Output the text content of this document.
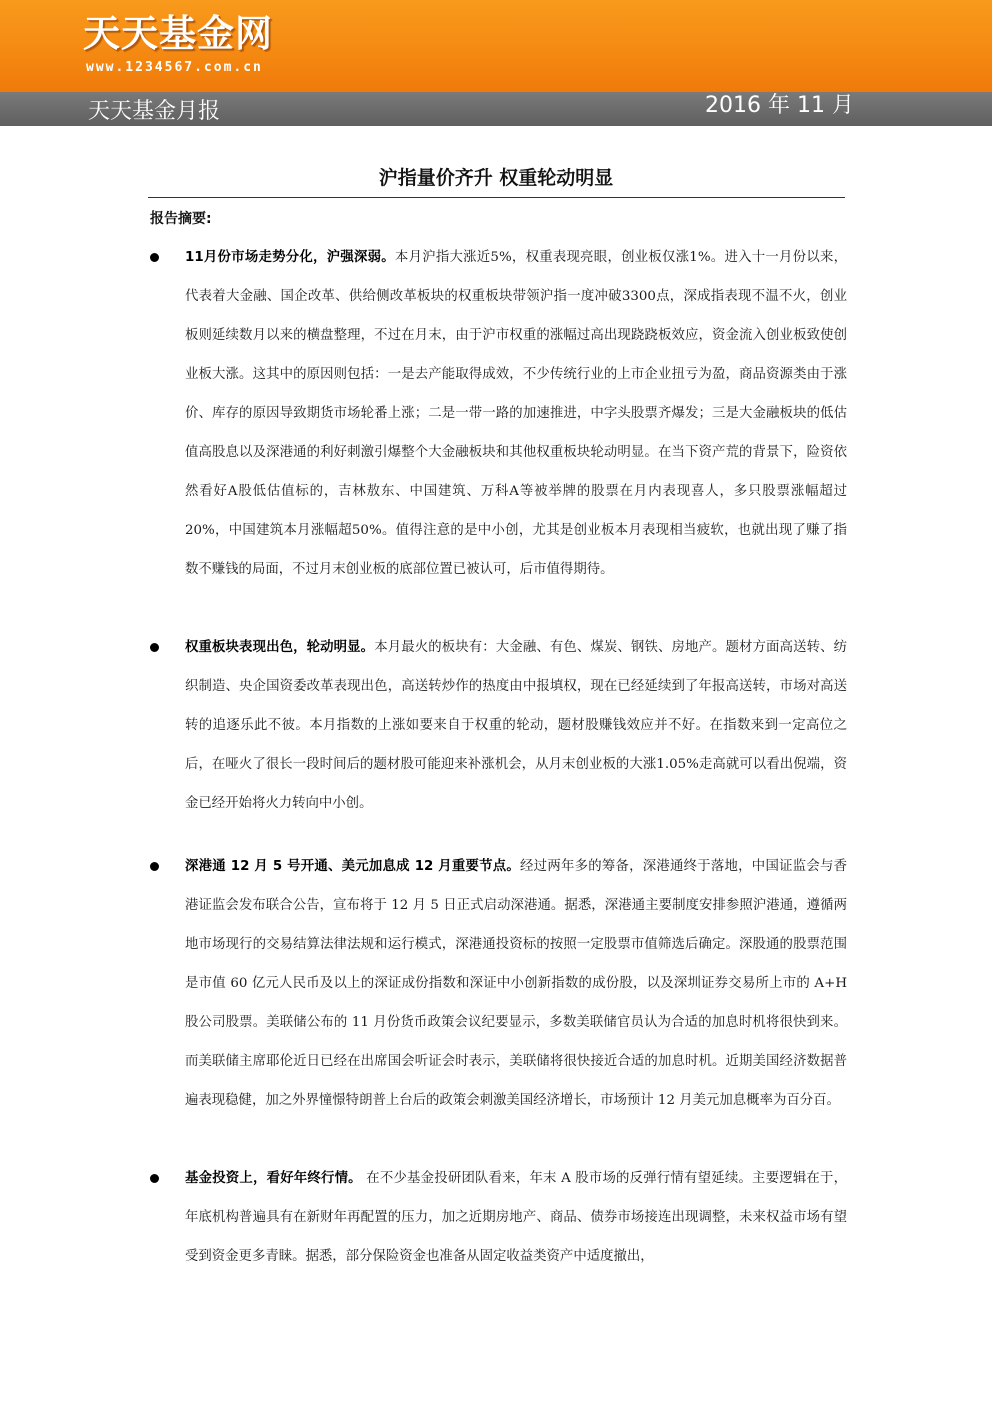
天天基金网
www.1234567.com.cn
天天基金月报	2016 年 11 月
沪指量价齐升 权重轮动明显
报告摘要:
11月份市场走势分化，沪强深弱。本月沪指大涨近5%，权重表现亮眼，创业板仅涨1%。进入十一月份以来，代表着大金融、国企改革、供给侧改革板块的权重板块带领沪指一度冲破3300点，深成指表现不温不火，创业板则延续数月以来的横盘整理，不过在月末，由于沪市权重的涨幅过高出现跷跷板效应，资金流入创业板致使创业板大涨。这其中的原因则包括：一是去产能取得成效，不少传统行业的上市企业扭亏为盈，商品资源类由于涨价、库存的原因导致期货市场轮番上涨；二是一带一路的加速推进，中字头股票齐爆发；三是大金融板块的低估值高股息以及深港通的利好刺激引爆整个大金融板块和其他权重板块轮动明显。在当下资产荒的背景下，险资依然看好A股低估值标的，吉林敖东、中国建筑、万科A等被举牌的股票在月内表现喜人，多只股票涨幅超过20%，中国建筑本月涨幅超50%。值得注意的是中小创，尤其是创业板本月表现相当疲软，也就出现了赚了指数不赚钱的局面，不过月末创业板的底部位置已被认可，后市值得期待。
权重板块表现出色，轮动明显。本月最火的板块有：大金融、有色、煤炭、钢铁、房地产。题材方面高送转、纺织制造、央企国资委改革表现出色，高送转炒作的热度由中报填权，现在已经延续到了年报高送转，市场对高送转的追逐乐此不彼。本月指数的上涨如要来自于权重的轮动，题材股赚钱效应并不好。在指数来到一定高位之后，在哑火了很长一段时间后的题材股可能迎来补涨机会，从月末创业板的大涨1.05%走高就可以看出倪端，资金已经开始将火力转向中小创。
深港通 12 月 5 号开通、美元加息成 12 月重要节点。经过两年多的筹备，深港通终于落地，中国证监会与香港证监会发布联合公告，宣布将于 12 月 5 日正式启动深港通。据悉，深港通主要制度安排参照沪港通，遵循两地市场现行的交易结算法律法规和运行模式，深港通投资标的按照一定股票市值筛选后确定。深股通的股票范围是市值 60 亿元人民币及以上的深证成份指数和深证中小创新指数的成份股，以及深圳证券交易所上市的 A+H 股公司股票。美联储公布的 11 月份货币政策会议纪要显示，多数美联储官员认为合适的加息时机将很快到来。而美联储主席耶伦近日已经在出席国会听证会时表示，美联储将很快接近合适的加息时机。近期美国经济数据普遍表现稳健，加之外界憧憬特朗普上台后的政策会刺激美国经济增长，市场预计 12 月美元加息概率为百分百。
基金投资上，看好年终行情。 在不少基金投研团队看来，年末 A 股市场的反弹行情有望延续。主要逻辑在于，年底机构普遍具有在新财年再配置的压力，加之近期房地产、商品、债券市场接连出现调整，未来权益市场有望受到资金更多青睐。据悉，部分保险资金也准备从固定收益类资产中适度撤出，
